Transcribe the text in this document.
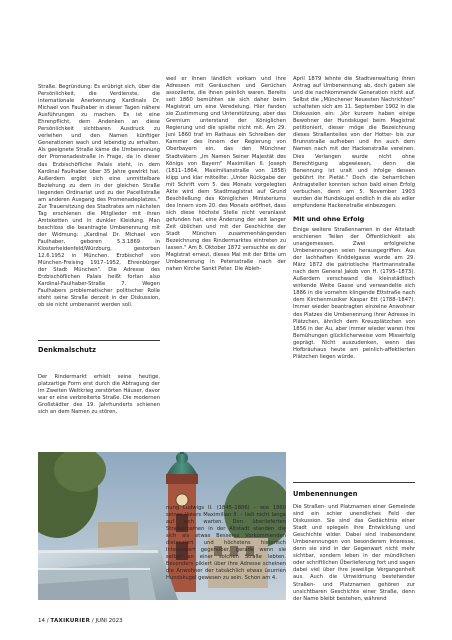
Straße. Begründung: Es erübrigt sich, über die Persönlichkeit, die Verdienste, die internationale Anerkennung Kardinals Dr. Michael von Faulhaber in dieser Tagen nähere Ausführungen zu machen. Es ist eine Ehrenpflicht, dem Andenken an diese Persönlichkeit sichtbaren Ausdruck zu verleihen und den Namen künftiger Generationen wach und lebendig zu erhalten. Als geeignete Straße käme die Umbenennung der Promenadestraße in Frage, da in dieser das Erzbischöfliche Palais steht, in dem Kardinal Faulhaber über 35 Jahre gewirkt hat. Außerdem ergibt sich eine unmittelbare Beziehung zu dem in der gleichen Straße liegenden Ordinariat und zu der Pacellistraße am anderen Ausgang des Promenadeplatzes." Zur Trauersitzung des Stadtrates am nächsten Tag erschienen die Mitglieder mit ihren Amtsketten und in dunkler Kleidung. Man beschloss die beantragte Umbenennung mit der Widmung: „Kardinal Dr. Michael von Faulhaber, geboren 5.3.1869 in Klosterheidenfeld/Würzburg, gestorben 12.6.1952 in München. Erzbischof von München-Freising 1917–1952, Ehrenbürger der Stadt München". Die Adresse des Erzbischöflichen Palais heißt fortan also Kardinal-Faulhaber-Straße 7. Wegen Faulhabers problematischer politischer Rolle steht seine Straße derzeit in der Diskussion, ob sie nicht umbenannt werden soll.

Denkmalschutz

Der Rindermarkt erhielt seine heutige, platzartige Form erst durch die Abtragung der im Zweiten Weltkrieg zerstörten Häuser, davor war er eine verbreiterte Straße. Die modernen Großstädter des 19. Jahrhunderts schienen sich an dem Namen zu stören,

weil er ihnen ländlich vorkam und ihre Adressen mit Geräuschen und Gerüchen assoziierte, die ihnen peinlich waren. Bereits seit 1860 bemühten sie sich daher beim Magistrat um eine Veredelung. Hier fanden sie Zustimmung und Unterstützung, aber das Gremium unterstand der Königlichen Regierung und die spielte nicht mit. Am 29. Juni 1860 traf im Rathaus ein Schreiben der Kammer des Innern der Regierung von Oberbayern ein, das den Münchner Stadtvätern „Im Namen Seiner Majestät des Königs von Bayern" Maximilian II. Joseph (1811–1864, Maximilianstraße von 1858) klipp und klar mitteilte: „Unter Rückgabe der mit Schrift vom 5. des Monats vorgelegten Akte wird dem Stadtmagistrat auf Grund Beschließung des Königlichen Ministeriums des Innern vom 20. des Monats eröffnet, dass sich diese höchste Stelle nicht veranlasst gefunden hat, eine Änderung der seit langer Zeit üblichen und mit der Geschichte der Stadt München zusammenhängenden Bezeichnung des Rindermarktes eintreten zu lassen." Am 8. Oktober 1872 versuchte es der Magistrat erneut, dieses Mal mit der Bitte um Umbenennung in Petersstraße nach der nahen Kirche Sankt Peter. Die Ableh-

April 1879 lehnte die Stadtverwaltung ihren Antrag auf Umbenennung ab, doch gaben sie und die nachkommende Generation nicht auf. Selbst die „Münchener Neuesten Nachrichten" schalteten sich am 11. September 1902 in die Diskussion ein: „Vor kurzem haben einige Bewohner der Hundskugel beim Magistrat petitioniert, dieser möge die Bezeichnung dieses Straßenteiles von der Hotter- bis zur Brunnstraße aufheben und ihn auch dem Namen nach mit der Hackenstraße vereinen. Dies Verlangen wurde nicht ohne Berechtigung abgewiesen, denn die Benennung ist uralt und infolge dessen gebührt ihr Pietät." Doch die beharrlichen Antragsteller konnten schon bald einen Erfolg verbuchen, denn am 5. November 1903 wurden die Hundskugel endlich in die als edler empfundene Hackenstraße einbezogen.

Mit und ohne Erfolg

Einige weitere Straßennamen in der Altstadt erschienen Teilen der Öffentlichkeit als unangemessen. Zwei erfolgreiche Umbenennungen seien herausgegriffen: Aus der lachhaften Knödelgasse wurde am 29. März 1872 die patriotische Hartmannstraße nach dem General Jakob von H. (1795–1873). Außerdem verschwand die kleinstädtisch wirkende Weite Gasse und verwandelte sich 1886 in die vornehm klingende Ettstraße nach dem Kirchenmusiker Kaspar Ett (1788–1847). Immer wieder beantragten einzelne Anwohner des Platzes die Umbenennung ihrer Adresse in Plätzchen, ähnlich dem Kreuzplätzchen von 1856 in der Au, aber immer wieder waren ihre Bemühungen glücklicherweise vom Misserfolg geprägt. Nicht auszudenken, wenn das Hofbräuhaus heute am peinlich-affektierten Plätzchen liegen würde.

nung Ludwigs II. (1845–1886) – wie 1860 seines Vaters Maximilian II. – ließ nicht lange auf sich warten. Den überlieferten Straßennamen in der Altstadt standen die sich als etwas Besseres Vorkommenden distanziert und höchstens historisch Interessiert gegenüber, gerade wenn sie selbst an einer solchen Straße lebten. Besonders pikiert über ihre Adresse scheinen die Anwohner der tatsächlich etwas üsurrien Hundskugel gewesen zu sein. Schon am 4.

Umbenennungen

Die Straßen- und Platznamen einer Gemeinde sind ein schier unendliches Feld der Diskussion. Sie sind das Gedächtnis einer Stadt und spiegeln ihre Entwicklung und Geschichte wider. Dabei sind insbesondere Umbenennungen von besonderem Interesse, denn sie sind in der Gegenwart nicht mehr sichtbar, sondern leben in der mündlichen oder schriftlichen Überlieferung fort und sagen dabei viel über ihre jeweilige Vergangenheit aus. Auch die Umwidmung bestehender Straßen- und Platznamen gehören zur unsichtbaren Geschichte einer Straße, denn der Name bleibt bestehen, während

14 / TAXIKURIER / JUNI 2023
